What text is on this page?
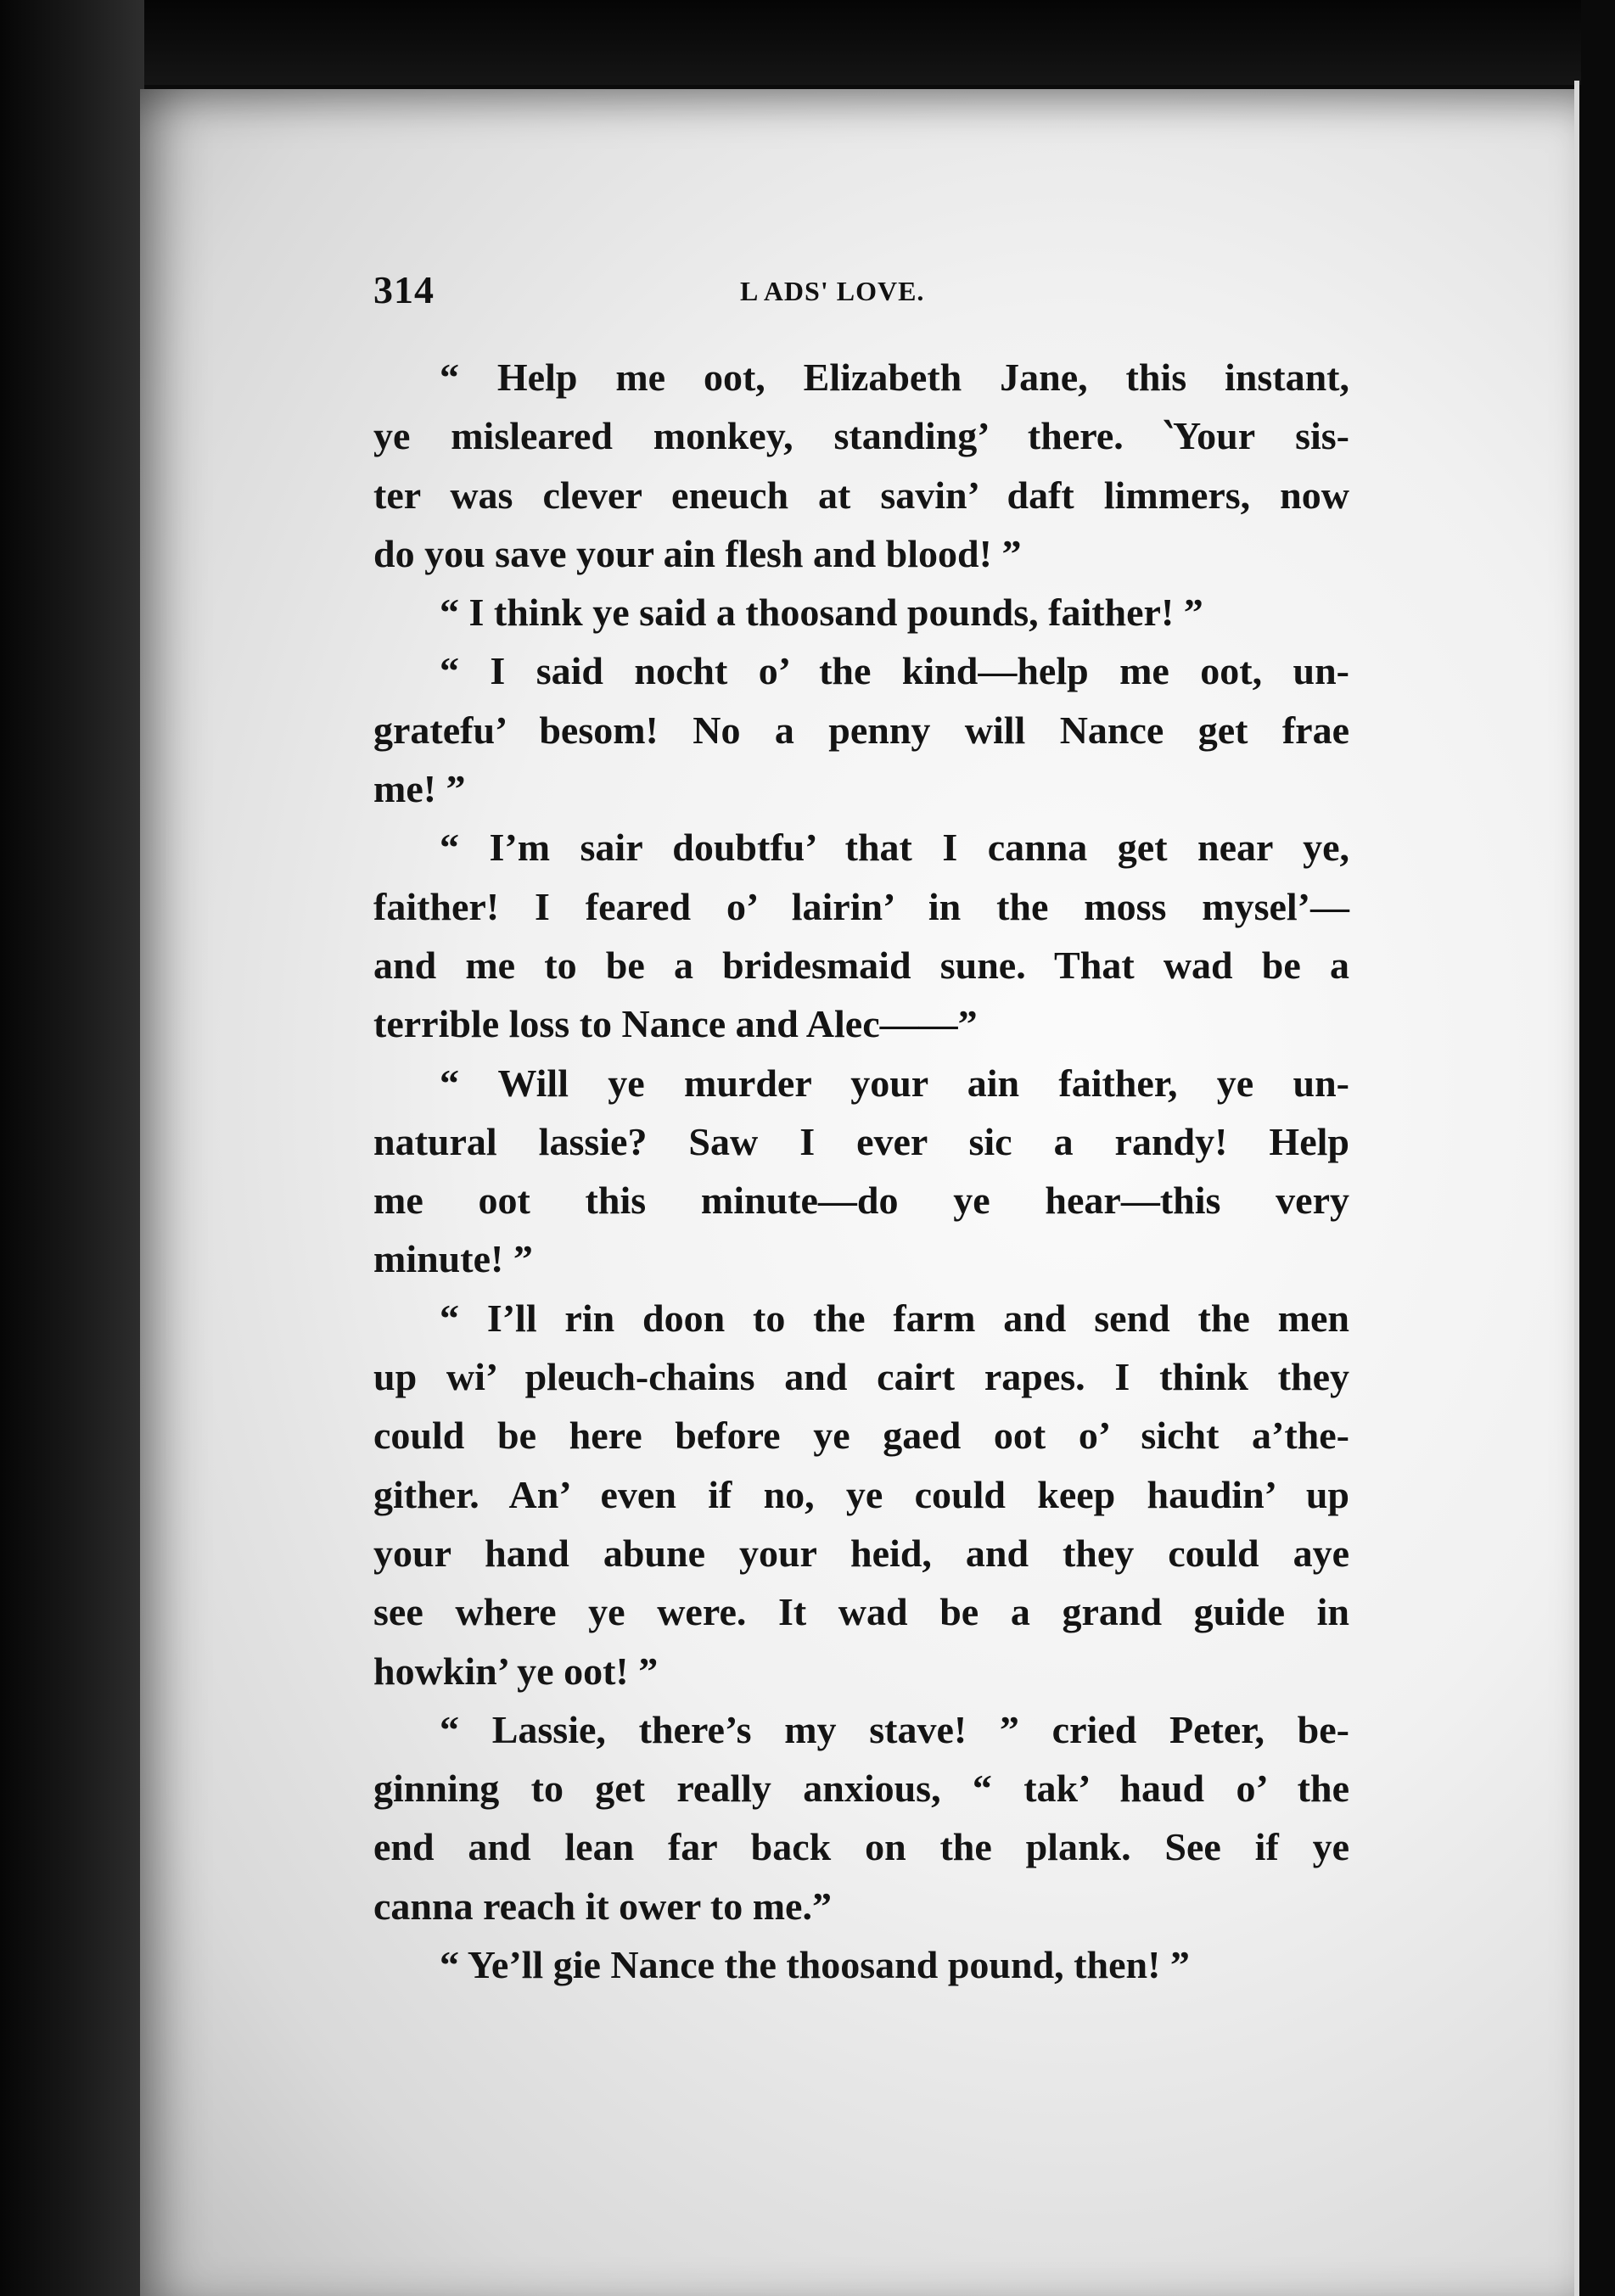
314	L ADS' LOVE.
“ Help me oot, Elizabeth Jane, this instant,
ye misleared monkey, standing’ there. ‵Your sis-
ter was clever eneuch at savin’ daft limmers, now
do you save your ain flesh and blood! ”
“ I think ye said a thoosand pounds, faither! ”
“ I said nocht o’ the kind—help me oot, un-
gratefu’ besom! No a penny will Nance get frae
me! ”
“ I’m sair doubtfu’ that I canna get near ye,
faither! I feared o’ lairin’ in the moss mysel’—
and me to be a bridesmaid sune. That wad be a
terrible loss to Nance and Alec——”
“ Will ye murder your ain faither, ye un-
natural lassie? Saw I ever sic a randy! Help
me oot this minute—do ye hear—this very
minute! ”
“ I’ll rin doon to the farm and send the men
up wi’ pleuch-chains and cairt rapes. I think they
could be here before ye gaed oot o’ sicht a’the-
gither. An’ even if no, ye could keep haudin’ up
your hand abune your heid, and they could aye
see where ye were. It wad be a grand guide in
howkin’ ye oot! ”
“ Lassie, there’s my stave! ” cried Peter, be-
ginning to get really anxious, “ tak’ haud o’ the
end and lean far back on the plank. See if ye
canna reach it ower to me.”
“ Ye’ll gie Nance the thoosand pound, then! ”
